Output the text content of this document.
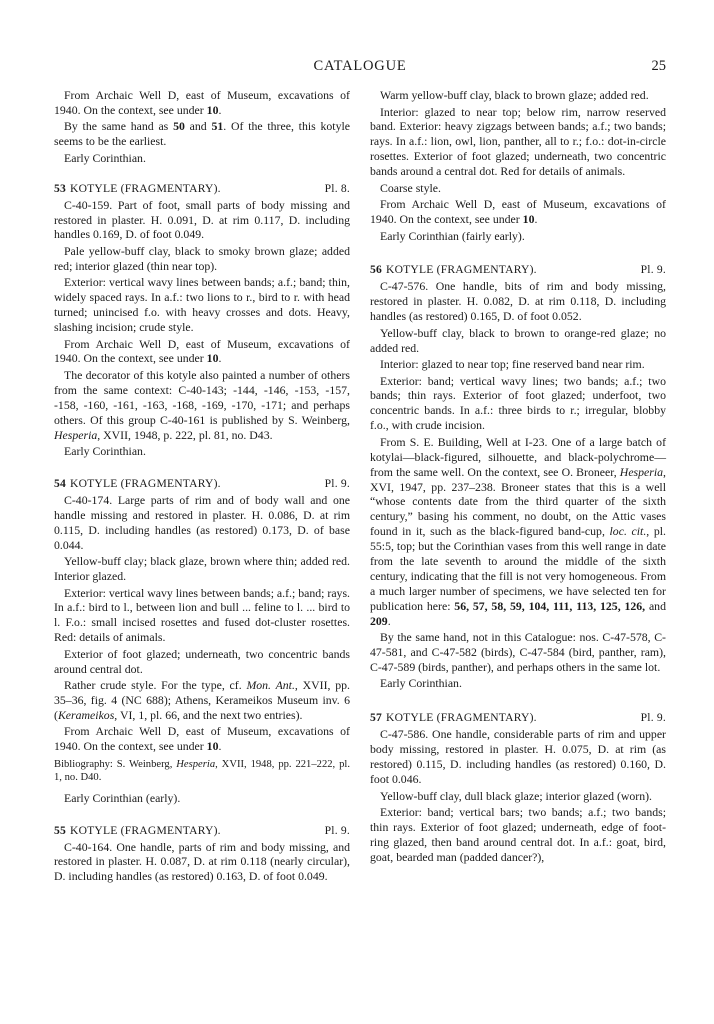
CATALOGUE	25

From Archaic Well D, east of Museum, excavations of 1940. On the context, see under 10.

By the same hand as 50 and 51. Of the three, this kotyle seems to be the earliest.

Early Corinthian.

53 KOTYLE (FRAGMENTARY).	Pl. 8.

C-40-159. Part of foot, small parts of body missing and restored in plaster. H. 0.091, D. at rim 0.117, D. including handles 0.169, D. of foot 0.049.

Pale yellow-buff clay, black to smoky brown glaze; added red; interior glazed (thin near top).

Exterior: vertical wavy lines between bands; a.f.; band; thin, widely spaced rays. In a.f.: two lions to r., bird to r. with head turned; unincised f.o. with heavy crosses and dots. Heavy, slashing incision; crude style.

From Archaic Well D, east of Museum, excavations of 1940. On the context, see under 10.

The decorator of this kotyle also painted a number of others from the same context: C-40-143; -144, -146, -153, -157, -158, -160, -161, -163, -168, -169, -170, -171; and perhaps others. Of this group C-40-161 is published by S. Weinberg, Hesperia, XVII, 1948, p. 222, pl. 81, no. D43.

Early Corinthian.

54 KOTYLE (FRAGMENTARY).	Pl. 9.

C-40-174. Large parts of rim and of body wall and one handle missing and restored in plaster. H. 0.086, D. at rim 0.115, D. including handles (as restored) 0.173, D. of base 0.044.

Yellow-buff clay; black glaze, brown where thin; added red. Interior glazed.

Exterior: vertical wavy lines between bands; a.f.; band; rays. In a.f.: bird to l., between lion and bull ... feline to l. ... bird to l. F.o.: small incised rosettes and fused dot-cluster rosettes. Red: details of animals.

Exterior of foot glazed; underneath, two concentric bands around central dot.

Rather crude style. For the type, cf. Mon. Ant., XVII, pp. 35–36, fig. 4 (NC 688); Athens, Kerameikos Museum inv. 6 (Kerameikos, VI, 1, pl. 66, and the next two entries).

From Archaic Well D, east of Museum, excavations of 1940. On the context, see under 10.

Bibliography: S. Weinberg, Hesperia, XVII, 1948, pp. 221–222, pl. 1, no. D40.

Early Corinthian (early).

55 KOTYLE (FRAGMENTARY).	Pl. 9.

C-40-164. One handle, parts of rim and body missing, and restored in plaster. H. 0.087, D. at rim 0.118 (nearly circular), D. including handles (as restored) 0.163, D. of foot 0.049.

Warm yellow-buff clay, black to brown glaze; added red.

Interior: glazed to near top; below rim, narrow reserved band. Exterior: heavy zigzags between bands; a.f.; two bands; rays. In a.f.: lion, owl, lion, panther, all to r.; f.o.: dot-in-circle rosettes. Exterior of foot glazed; underneath, two concentric bands around a central dot. Red for details of animals.

Coarse style.

From Archaic Well D, east of Museum, excavations of 1940. On the context, see under 10.

Early Corinthian (fairly early).

56 KOTYLE (FRAGMENTARY).	Pl. 9.

C-47-576. One handle, bits of rim and body missing, restored in plaster. H. 0.082, D. at rim 0.118, D. including handles (as restored) 0.165, D. of foot 0.052.

Yellow-buff clay, black to brown to orange-red glaze; no added red.

Interior: glazed to near top; fine reserved band near rim.

Exterior: band; vertical wavy lines; two bands; a.f.; two bands; thin rays. Exterior of foot glazed; underfoot, two concentric bands. In a.f.: three birds to r.; irregular, blobby f.o., with crude incision.

From S. E. Building, Well at I-23. One of a large batch of kotylai—black-figured, silhouette, and black-polychrome—from the same well. On the context, see O. Broneer, Hesperia, XVI, 1947, pp. 237–238. Broneer states that this is a well “whose contents date from the third quarter of the sixth century,” basing his comment, no doubt, on the Attic vases found in it, such as the black-figured band-cup, loc. cit., pl. 55:5, top; but the Corinthian vases from this well range in date from the late seventh to around the middle of the sixth century, indicating that the fill is not very homogeneous. From a much larger number of specimens, we have selected ten for publication here: 56, 57, 58, 59, 104, 111, 113, 125, 126, and 209.

By the same hand, not in this Catalogue: nos. C-47-578, C-47-581, and C-47-582 (birds), C-47-584 (bird, panther, ram), C-47-589 (birds, panther), and perhaps others in the same lot.

Early Corinthian.

57 KOTYLE (FRAGMENTARY).	Pl. 9.

C-47-586. One handle, considerable parts of rim and upper body missing, restored in plaster. H. 0.075, D. at rim (as restored) 0.115, D. including handles (as restored) 0.160, D. foot 0.046.

Yellow-buff clay, dull black glaze; interior glazed (worn).

Exterior: band; vertical bars; two bands; a.f.; two bands; thin rays. Exterior of foot glazed; underneath, edge of foot-ring glazed, then band around central dot. In a.f.: goat, bird, goat, bearded man (padded dancer?),
